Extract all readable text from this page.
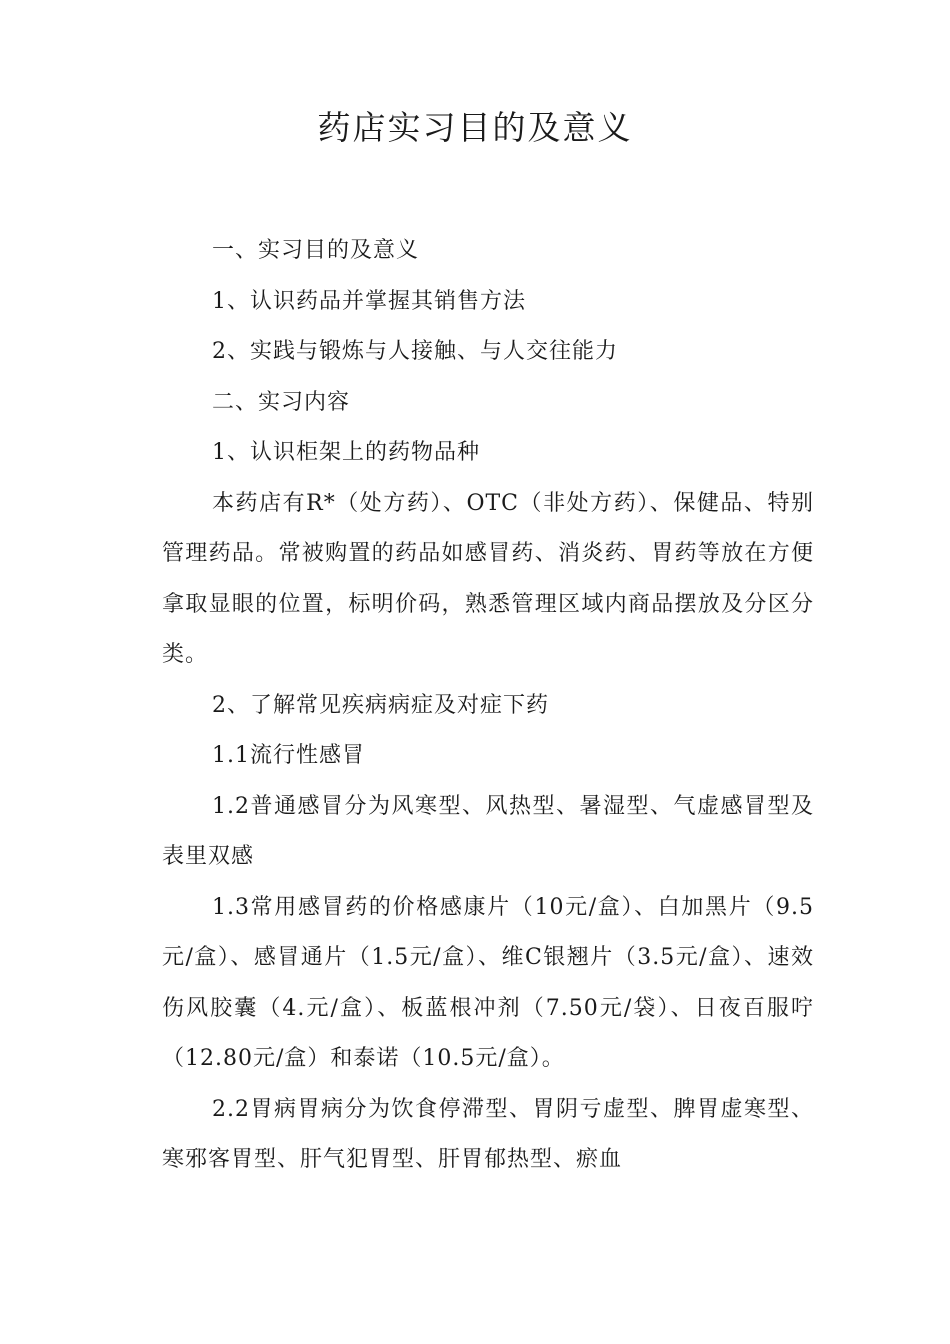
药店实习目的及意义

一、实习目的及意义

1、认识药品并掌握其销售方法

2、实践与锻炼与人接触、与人交往能力

二、实习内容

1、认识柜架上的药物品种

本药店有R*（处方药）、OTC（非处方药）、保健品、特别管理药品。常被购置的药品如感冒药、消炎药、胃药等放在方便拿取显眼的位置，标明价码，熟悉管理区域内商品摆放及分区分类。

2、了解常见疾病病症及对症下药

1.1流行性感冒

1.2普通感冒分为风寒型、风热型、暑湿型、气虚感冒型及表里双感

1.3常用感冒药的价格感康片（10元/盒）、白加黑片（9.5元/盒）、感冒通片（1.5元/盒）、维C银翘片（3.5元/盒）、速效伤风胶囊（4.元/盒）、板蓝根冲剂（7.50元/袋）、日夜百服咛（12.80元/盒）和泰诺（10.5元/盒）。

2.2胃病胃病分为饮食停滞型、胃阴亏虚型、脾胃虚寒型、寒邪客胃型、肝气犯胃型、肝胃郁热型、瘀血
